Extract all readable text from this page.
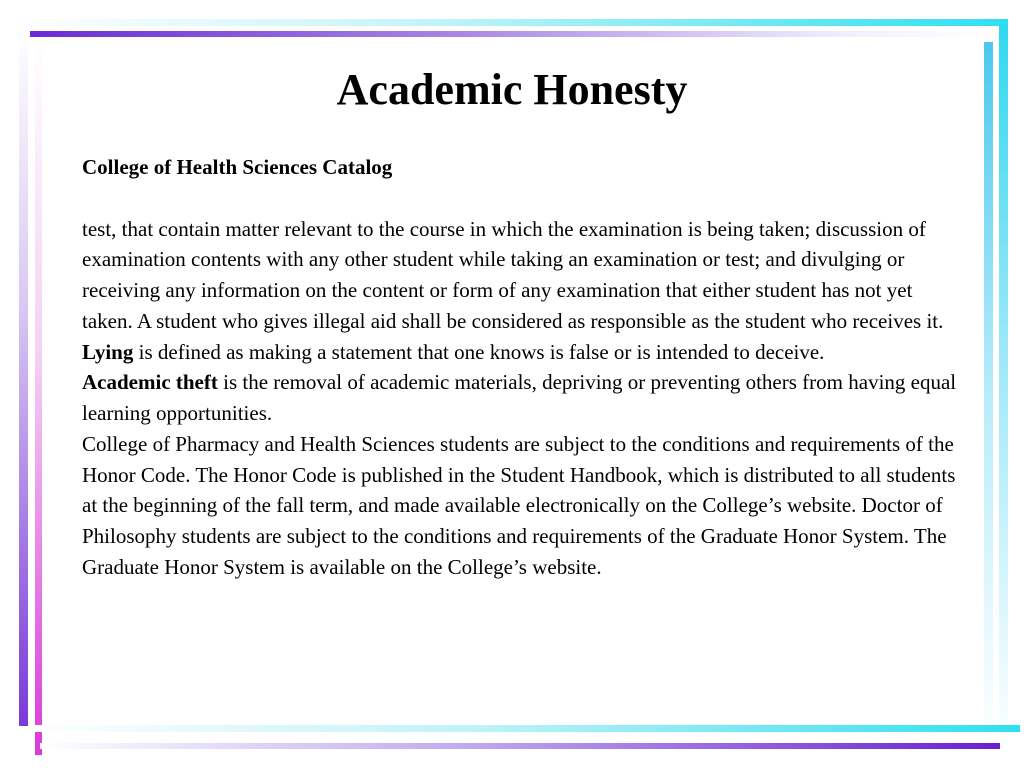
Academic Honesty

College of Health Sciences Catalog

test, that contain matter relevant to the course in which the examination is being taken; discussion of examination contents with any other student while taking an examination or test; and divulging or receiving any information on the content or form of any examination that either student has not yet taken. A student who gives illegal aid shall be considered as responsible as the student who receives it.

Lying is defined as making a statement that one knows is false or is intended to deceive.

Academic theft is the removal of academic materials, depriving or preventing others from having equal learning opportunities.

College of Pharmacy and Health Sciences students are subject to the conditions and requirements of the Honor Code. The Honor Code is published in the Student Handbook, which is distributed to all students at the beginning of the fall term, and made available electronically on the College’s website. Doctor of Philosophy students are subject to the conditions and requirements of the Graduate Honor System. The Graduate Honor System is available on the College’s website.
